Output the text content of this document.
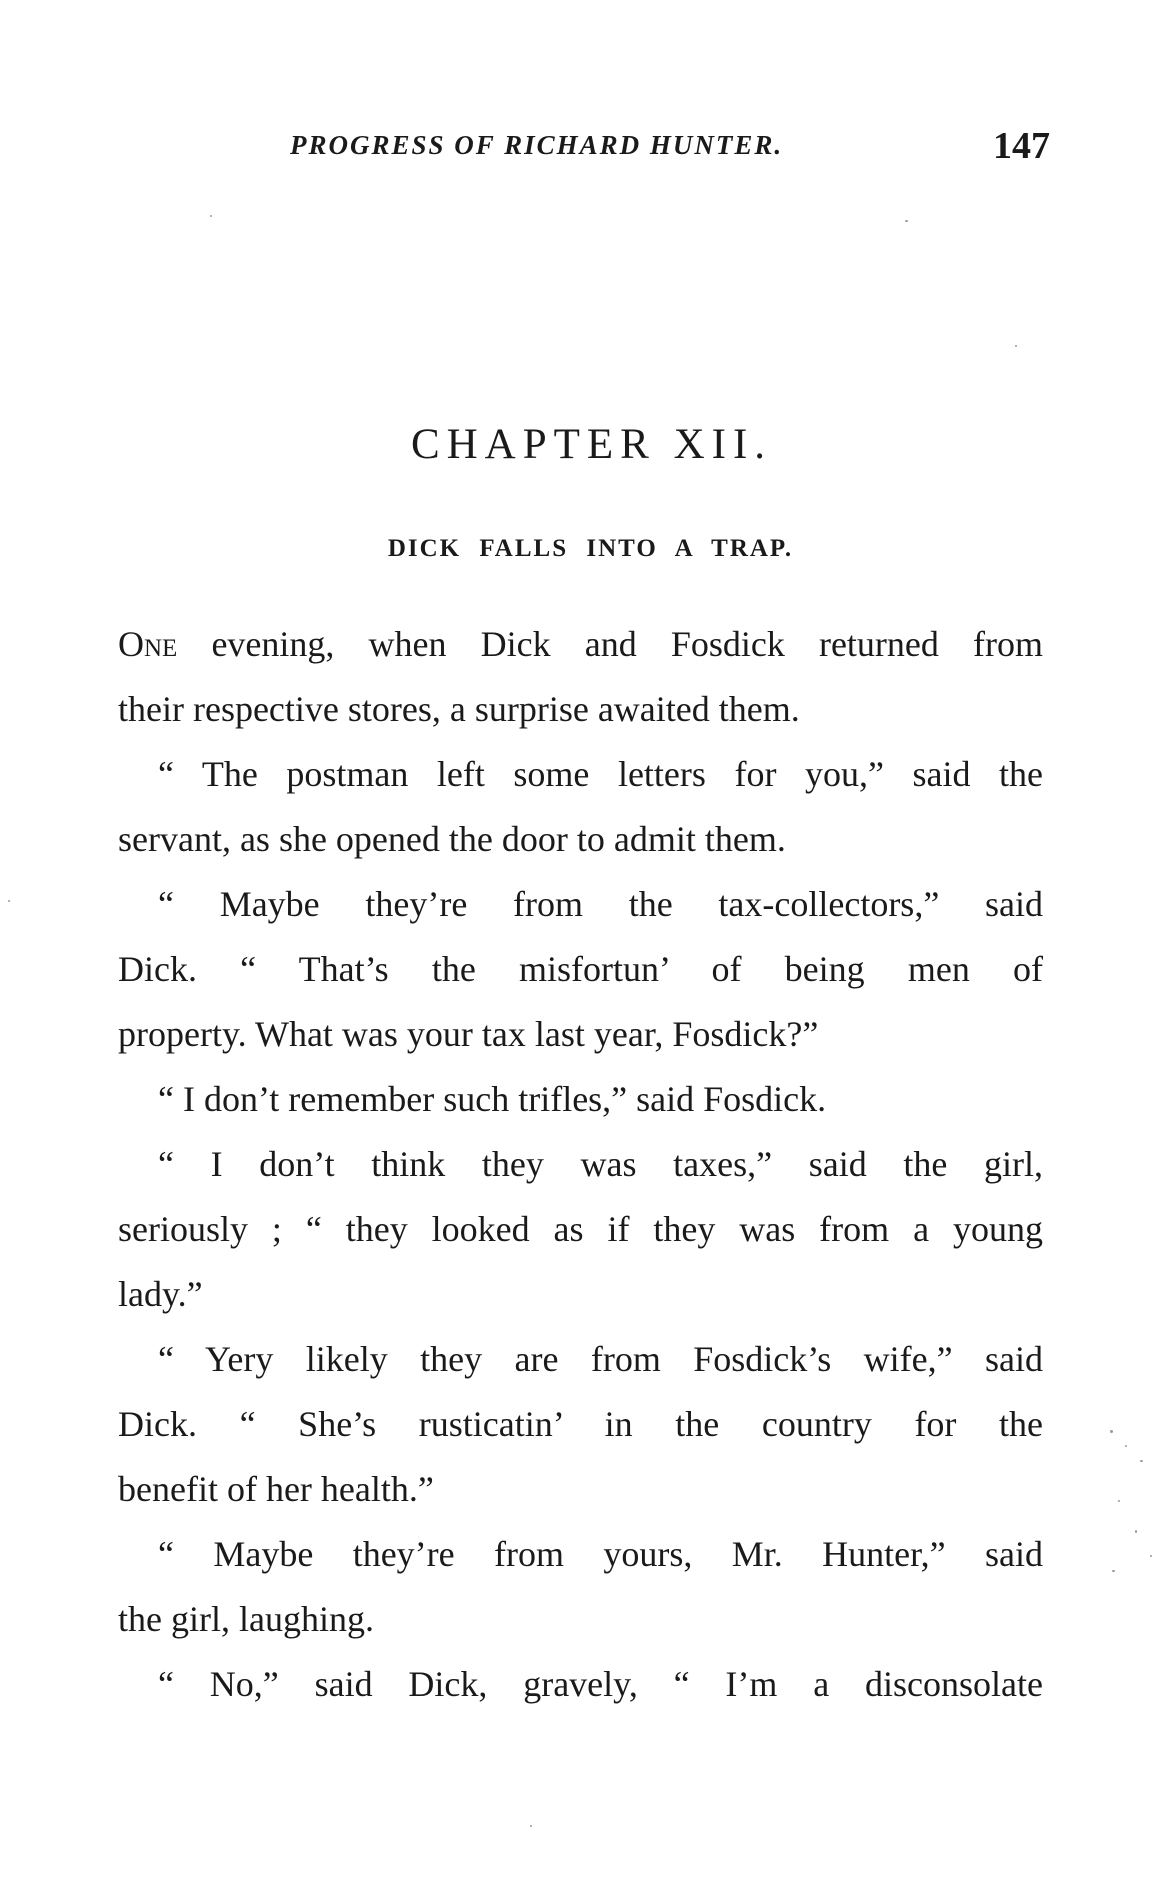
PROGRESS OF RICHARD HUNTER.	147
CHAPTER XII.
DICK FALLS INTO A TRAP.
One evening, when Dick and Fosdick returned from
their respective stores, a surprise awaited them.
“ The postman left some letters for you,” said the
servant, as she opened the door to admit them.
“ Maybe they’re from the tax-collectors,” said
Dick. “ That’s the misfortun’ of being men of
property. What was your tax last year, Fosdick?”
“ I don’t remember such trifles,” said Fosdick.
“ I don’t think they was taxes,” said the girl,
seriously ; “ they looked as if they was from a young
lady.”
“ Yery likely they are from Fosdick’s wife,” said
Dick. “ She’s rusticatin’ in the country for the
benefit of her health.”
“ Maybe they’re from yours, Mr. Hunter,” said
the girl, laughing.
“ No,” said Dick, gravely, “ I’m a disconsolate
